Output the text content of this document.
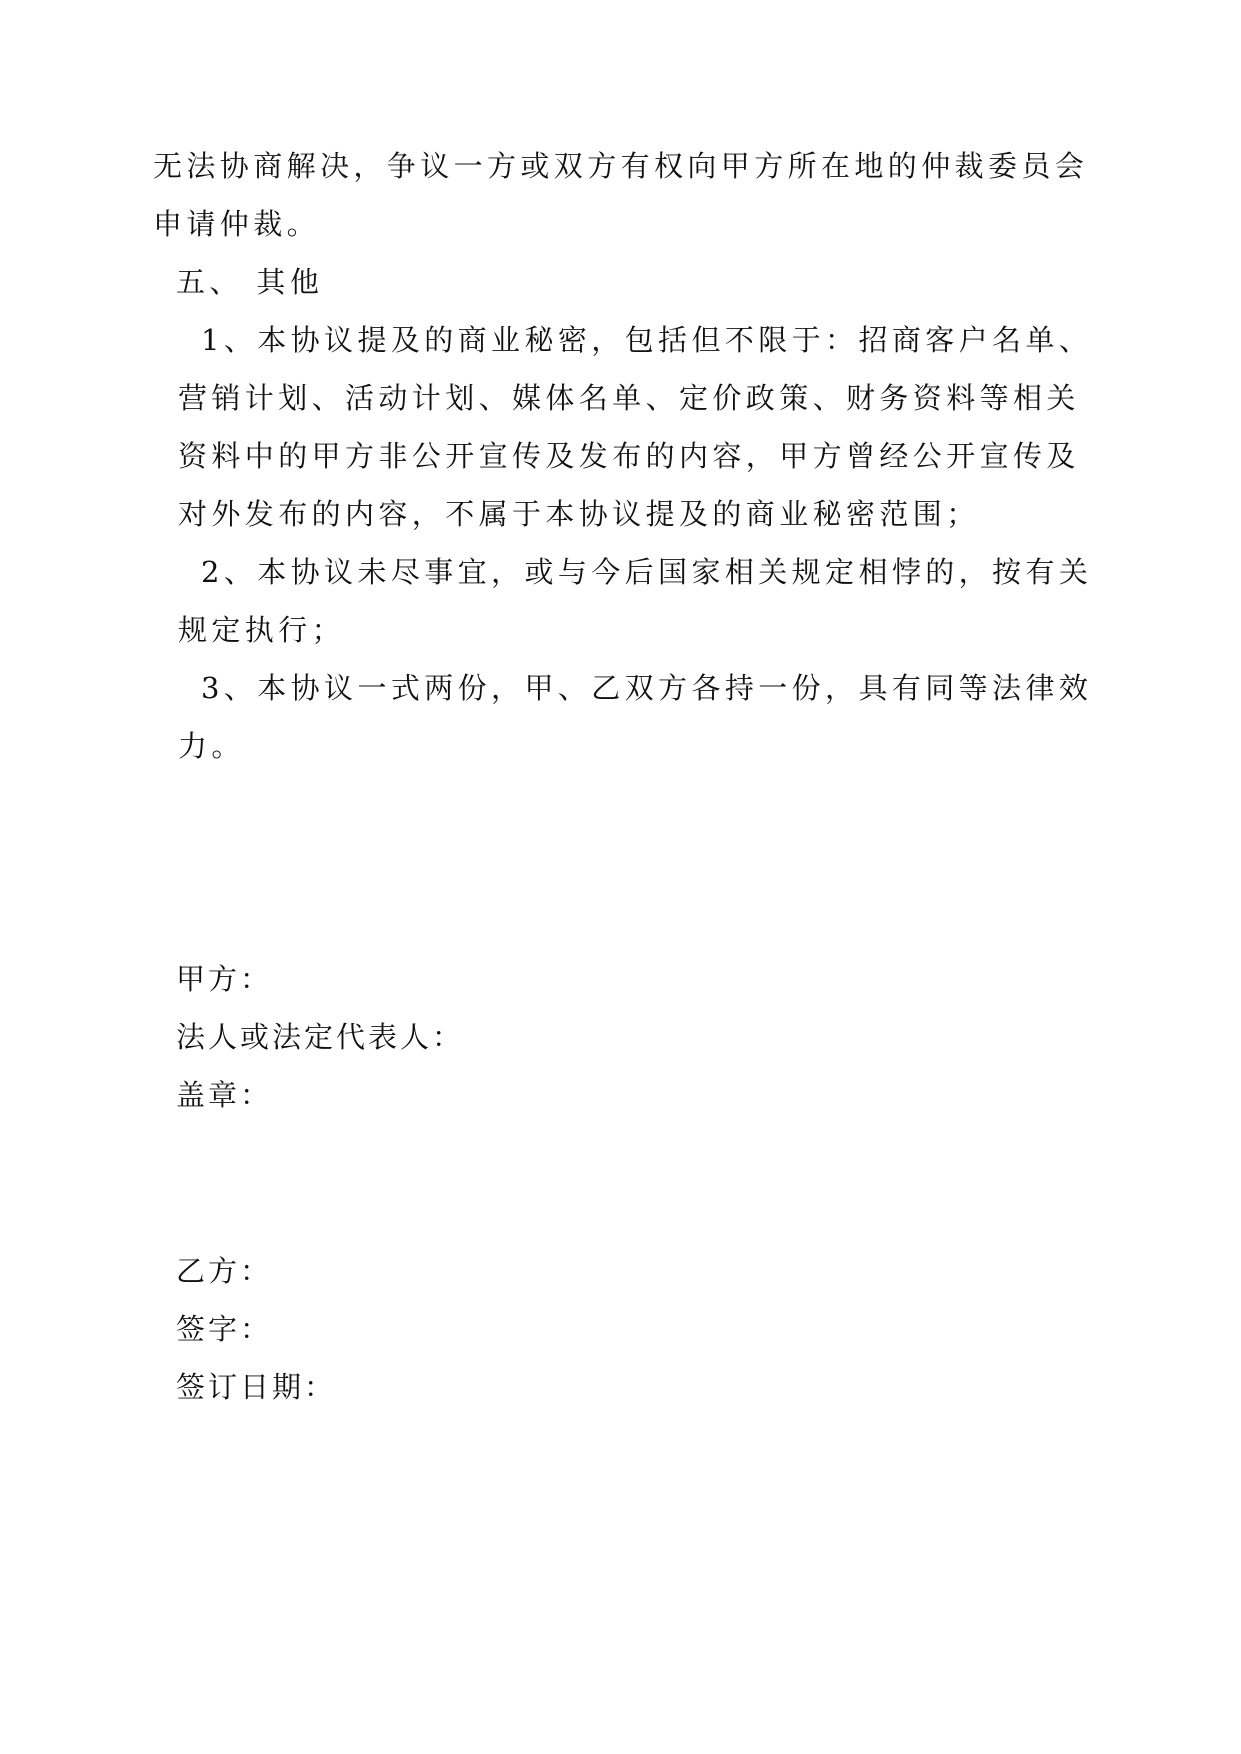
无法协商解决，争议一方或双方有权向甲方所在地的仲裁委员会
申请仲裁。
五、 其他
1、本协议提及的商业秘密，包括但不限于：招商客户名单、
营销计划、活动计划、媒体名单、定价政策、财务资料等相关
资料中的甲方非公开宣传及发布的内容，甲方曾经公开宣传及
对外发布的内容，不属于本协议提及的商业秘密范围；
2、本协议未尽事宜，或与今后国家相关规定相悖的，按有关
规定执行；
3、本协议一式两份，甲、乙双方各持一份，具有同等法律效
力。
甲方：
法人或法定代表人：
盖章：
乙方：
签字：
签订日期：
